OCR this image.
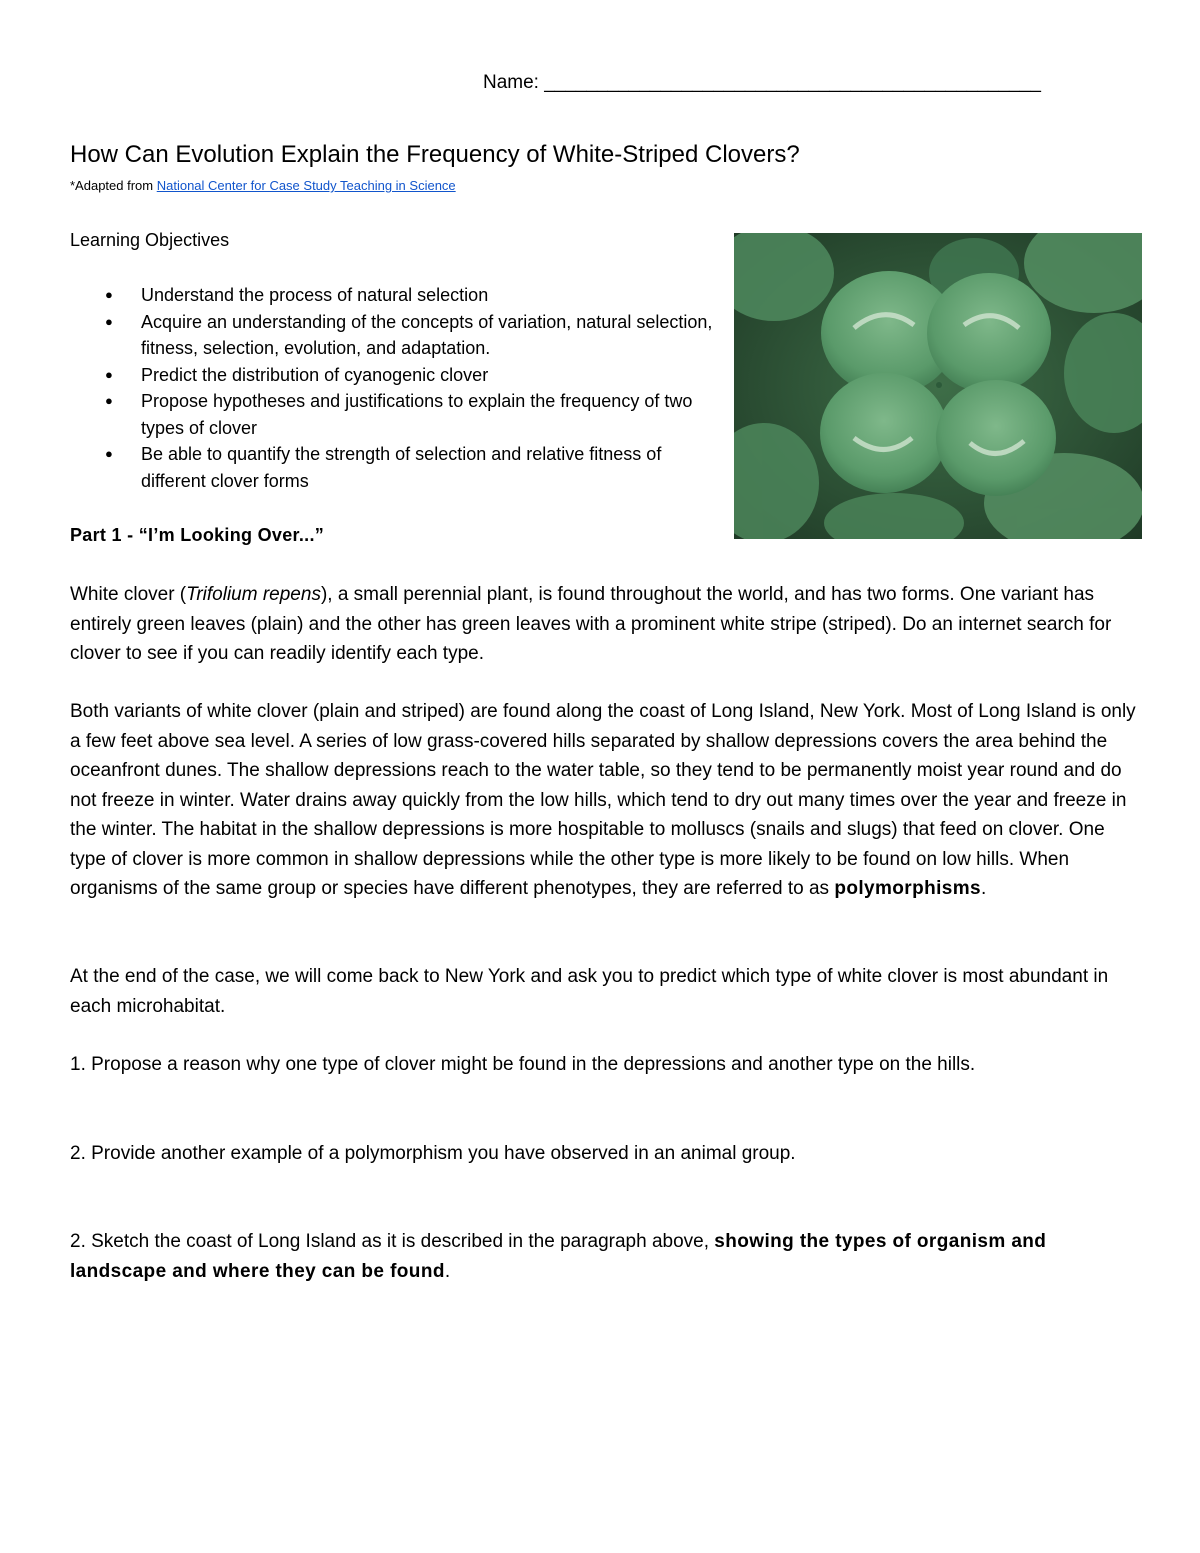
Name: _______________________________________________
How Can Evolution Explain the Frequency of White-Striped Clovers?
*Adapted from National Center for Case Study Teaching in Science
Learning Objectives
● Understand the process of natural selection
● Acquire an understanding of the concepts of variation, natural selection, fitness, selection, evolution, and adaptation.
● Predict the distribution of cyanogenic clover
● Propose hypotheses and justifications to explain the frequency of two types of clover
● Be able to quantify the strength of selection and relative fitness of different clover forms
Part 1 - “I’m Looking Over...”

White clover (Trifolium repens), a small perennial plant, is found throughout the world, and has two forms. One variant has entirely green leaves (plain) and the other has green leaves with a prominent white stripe (striped). Do an internet search for clover to see if you can readily identify each type.

Both variants of white clover (plain and striped) are found along the coast of Long Island, New York. Most of Long Island is only a few feet above sea level. A series of low grass-covered hills separated by shallow depressions covers the area behind the oceanfront dunes. The shallow depressions reach to the water table, so they tend to be permanently moist year round and do not freeze in winter. Water drains away quickly from the low hills, which tend to dry out many times over the year and freeze in the winter. The habitat in the shallow depressions is more hospitable to molluscs (snails and slugs) that feed on clover. One type of clover is more common in shallow depressions while the other type is more likely to be found on low hills. When organisms of the same group or species have different phenotypes, they are referred to as polymorphisms.

At the end of the case, we will come back to New York and ask you to predict which type of white clover is most abundant in each microhabitat.

1. Propose a reason why one type of clover might be found in the depressions and another type on the hills.

2. Provide another example of a polymorphism you have observed in an animal group.

2. Sketch the coast of Long Island as it is described in the paragraph above, showing the types of organism and landscape and where they can be found.
